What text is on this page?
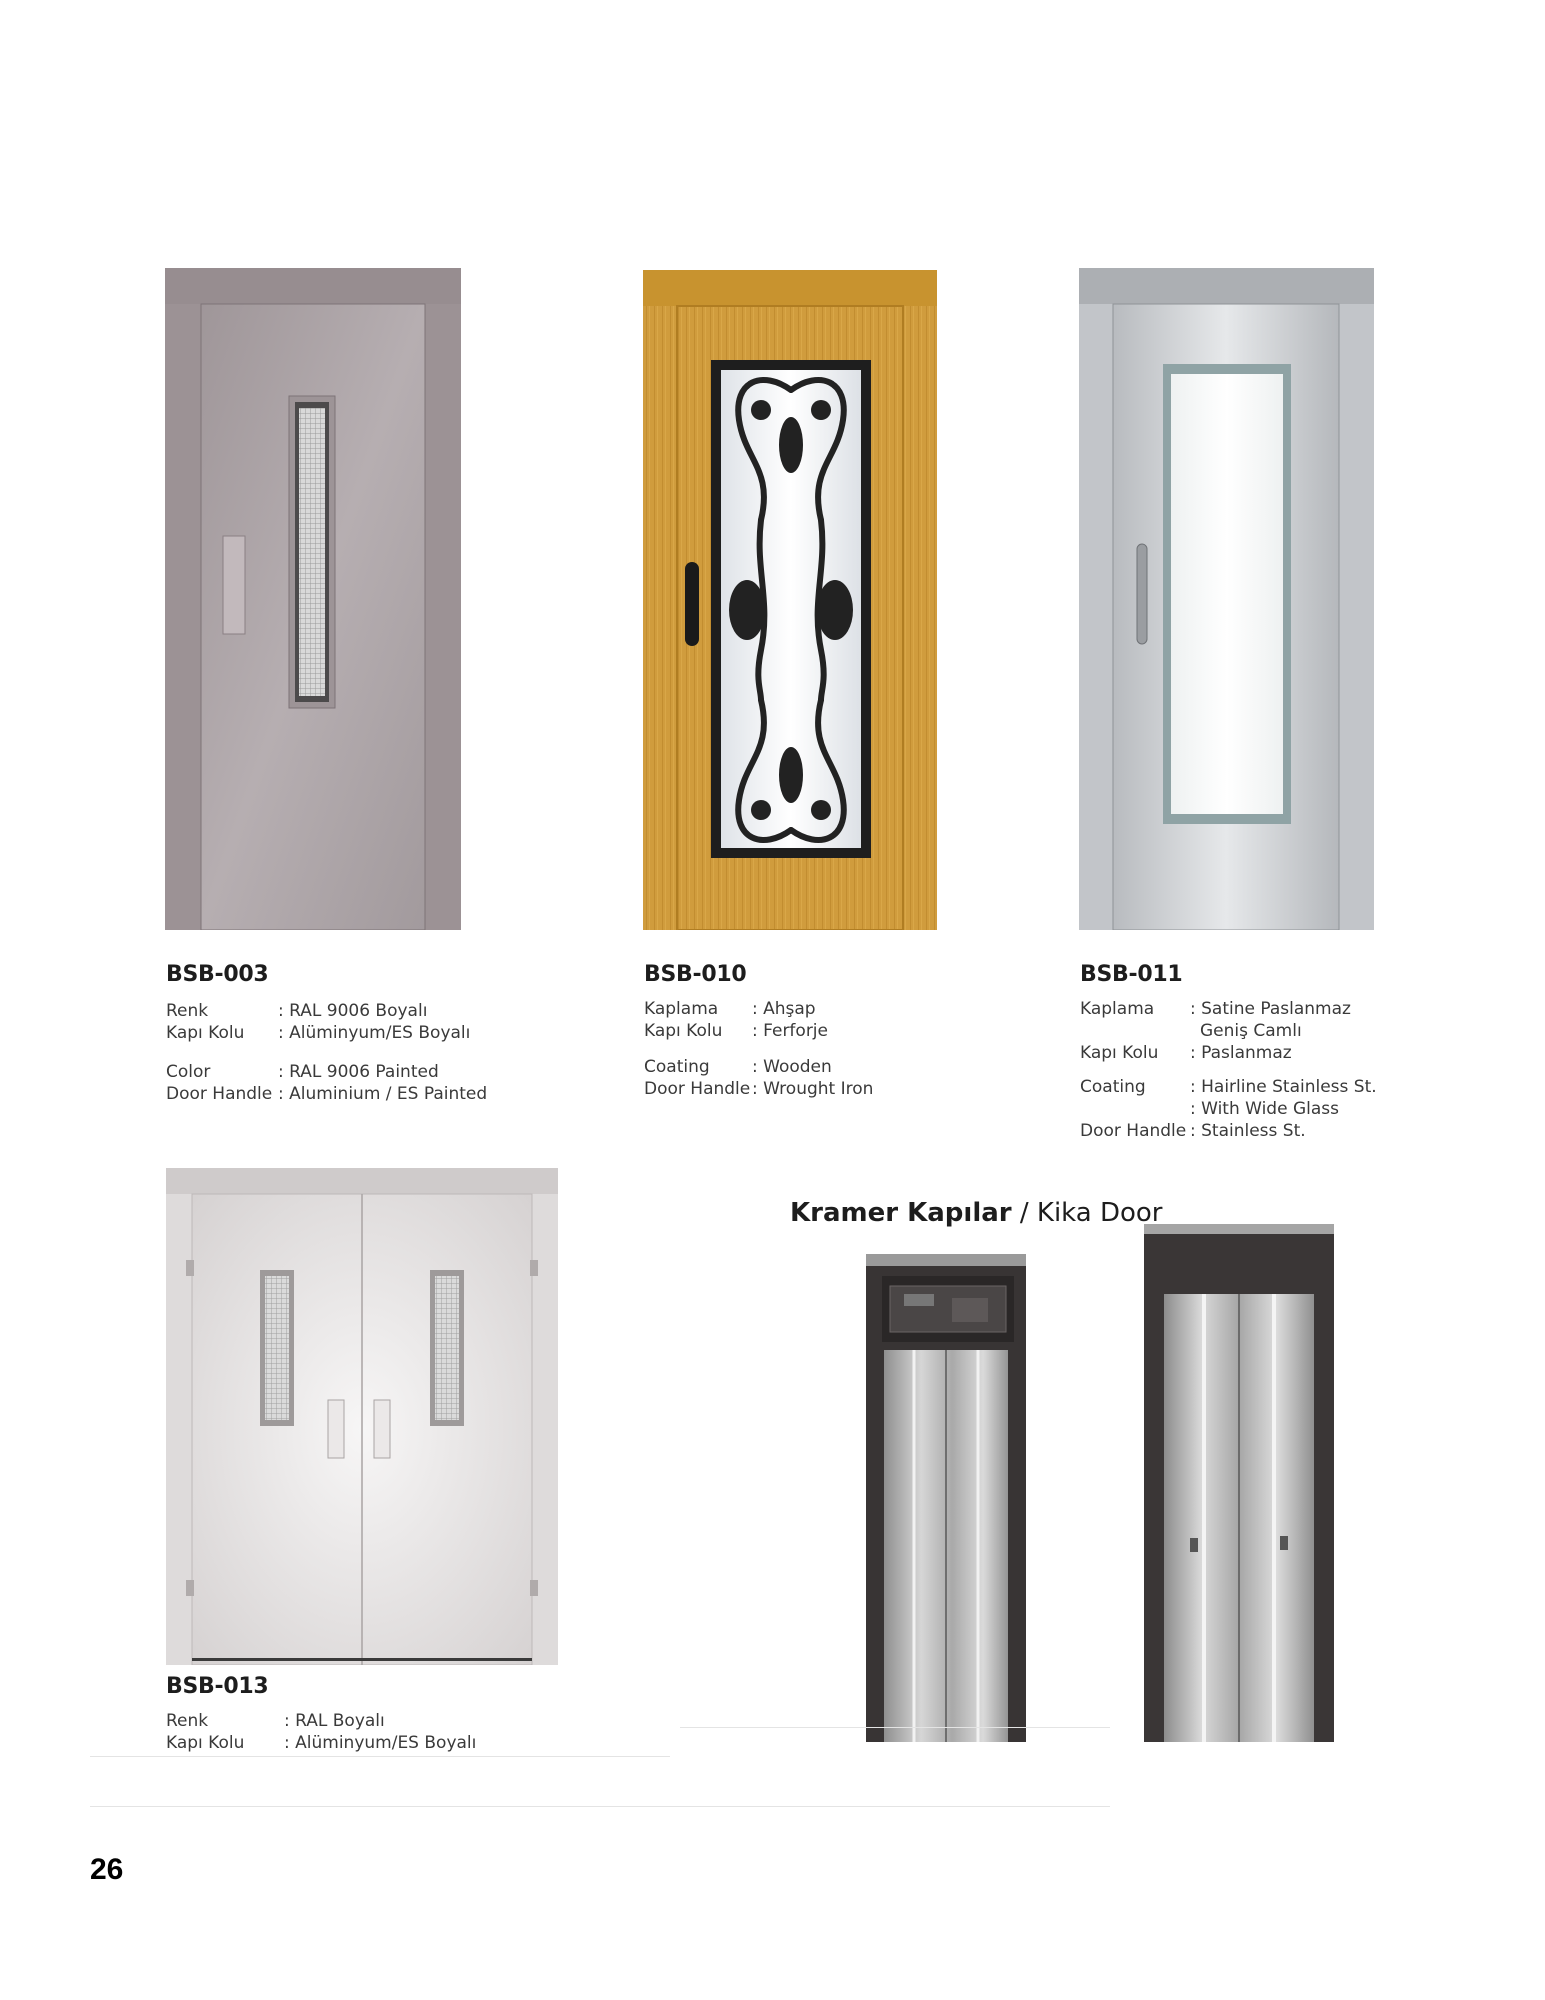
BSB-003
Renk	: RAL 9006 Boyalı
Kapı Kolu : Alüminyum/ES Boyalı
Color	: RAL 9006 Painted
Door Handle : Aluminium / ES Painted
BSB-010
Kaplama : Ahşap
Kapı Kolu : Ferforje
Coating : Wooden
Door Handle : Wrought Iron
BSB-011
Kaplama : Satine Paslanmaz
Geniş Camlı
Kapı Kolu : Paslanmaz
Coating	: Hairline Stainless St.
: With Wide Glass
Door Handle : Stainless St.
BSB-013
Renk	: RAL Boyalı
Kapı Kolu : Alüminyum/ES Boyalı
Kramer Kapılar / Kika Door
26
